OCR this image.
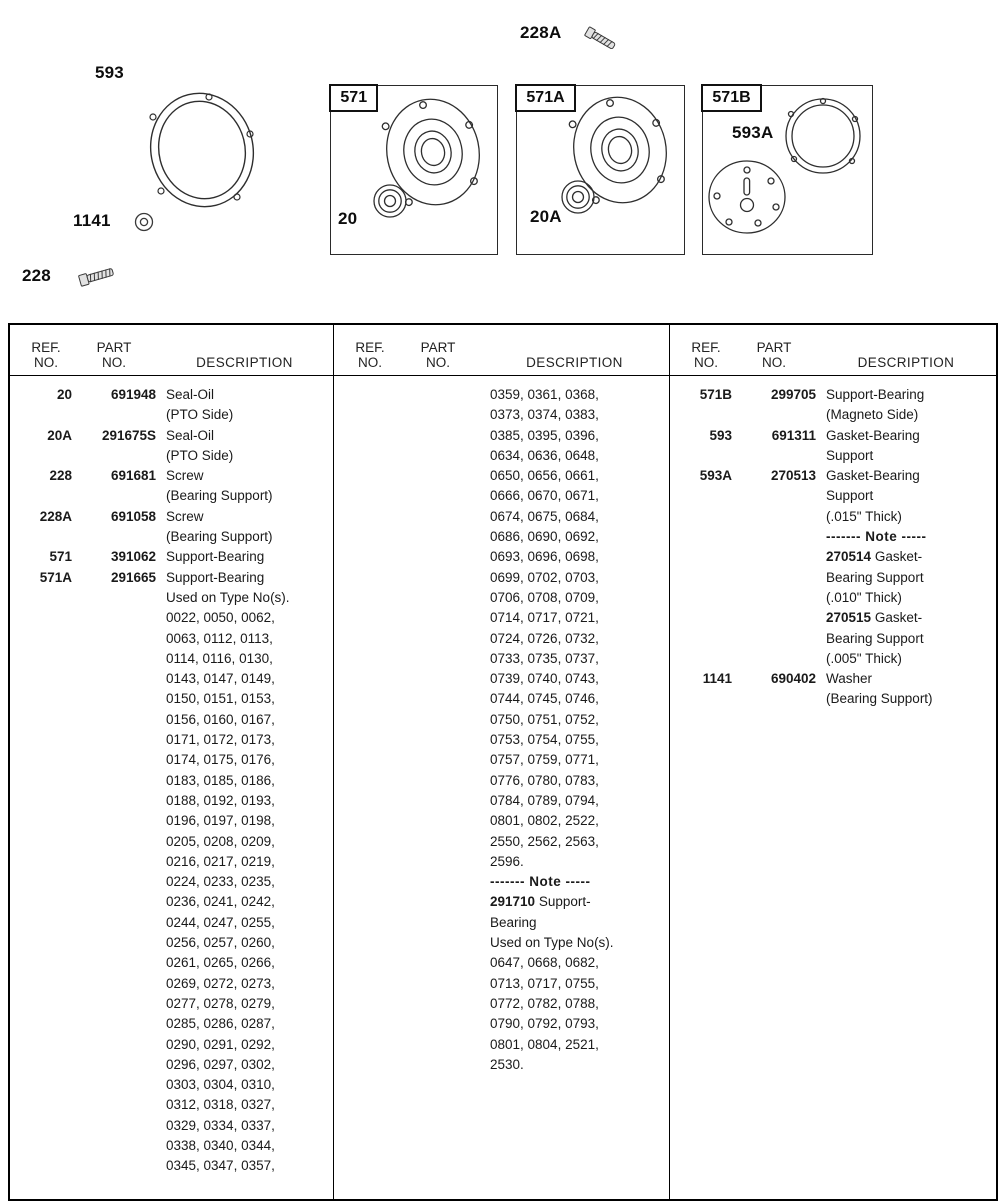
593
228A
1141
228
571
20
571A
20A
571B
593A
REF.
NO.
PART
NO.	DESCRIPTION
20	691948 Seal-Oil
(PTO Side)
20A	291675S Seal-Oil
(PTO Side)
228	691681 Screw
(Bearing Support)
228A	691058 Screw
(Bearing Support)
571	391062 Support-Bearing
571A	291665 Support-Bearing
Used on Type No(s).
0022, 0050, 0062,
0063, 0112, 0113,
0114, 0116, 0130,
0143, 0147, 0149,
0150, 0151, 0153,
0156, 0160, 0167,
0171, 0172, 0173,
0174, 0175, 0176,
0183, 0185, 0186,
0188, 0192, 0193,
0196, 0197, 0198,
0205, 0208, 0209,
0216, 0217, 0219,
0224, 0233, 0235,
0236, 0241, 0242,
0244, 0247, 0255,
0256, 0257, 0260,
0261, 0265, 0266,
0269, 0272, 0273,
0277, 0278, 0279,
0285, 0286, 0287,
0290, 0291, 0292,
0296, 0297, 0302,
0303, 0304, 0310,
0312, 0318, 0327,
0329, 0334, 0337,
0338, 0340, 0344,
0345, 0347, 0357,
REF.
NO.
PART
NO.	DESCRIPTION
0359, 0361, 0368,
0373, 0374, 0383,
0385, 0395, 0396,
0634, 0636, 0648,
0650, 0656, 0661,
0666, 0670, 0671,
0674, 0675, 0684,
0686, 0690, 0692,
0693, 0696, 0698,
0699, 0702, 0703,
0706, 0708, 0709,
0714, 0717, 0721,
0724, 0726, 0732,
0733, 0735, 0737,
0739, 0740, 0743,
0744, 0745, 0746,
0750, 0751, 0752,
0753, 0754, 0755,
0757, 0759, 0771,
0776, 0780, 0783,
0784, 0789, 0794,
0801, 0802, 2522,
2550, 2562, 2563,
2596.
------- Note -----
291710 Support-
Bearing
Used on Type No(s).
0647, 0668, 0682,
0713, 0717, 0755,
0772, 0782, 0788,
0790, 0792, 0793,
0801, 0804, 2521,
2530.
REF.
NO.
PART
NO.	DESCRIPTION
571B	299705 Support-Bearing
(Magneto Side)
593	691311 Gasket-Bearing
Support
593A	270513 Gasket-Bearing
Support
(.015" Thick)
------- Note -----
270514 Gasket-
Bearing Support
(.010" Thick)
270515 Gasket-
Bearing Support
(.005" Thick)
1141	690402 Washer
(Bearing Support)
